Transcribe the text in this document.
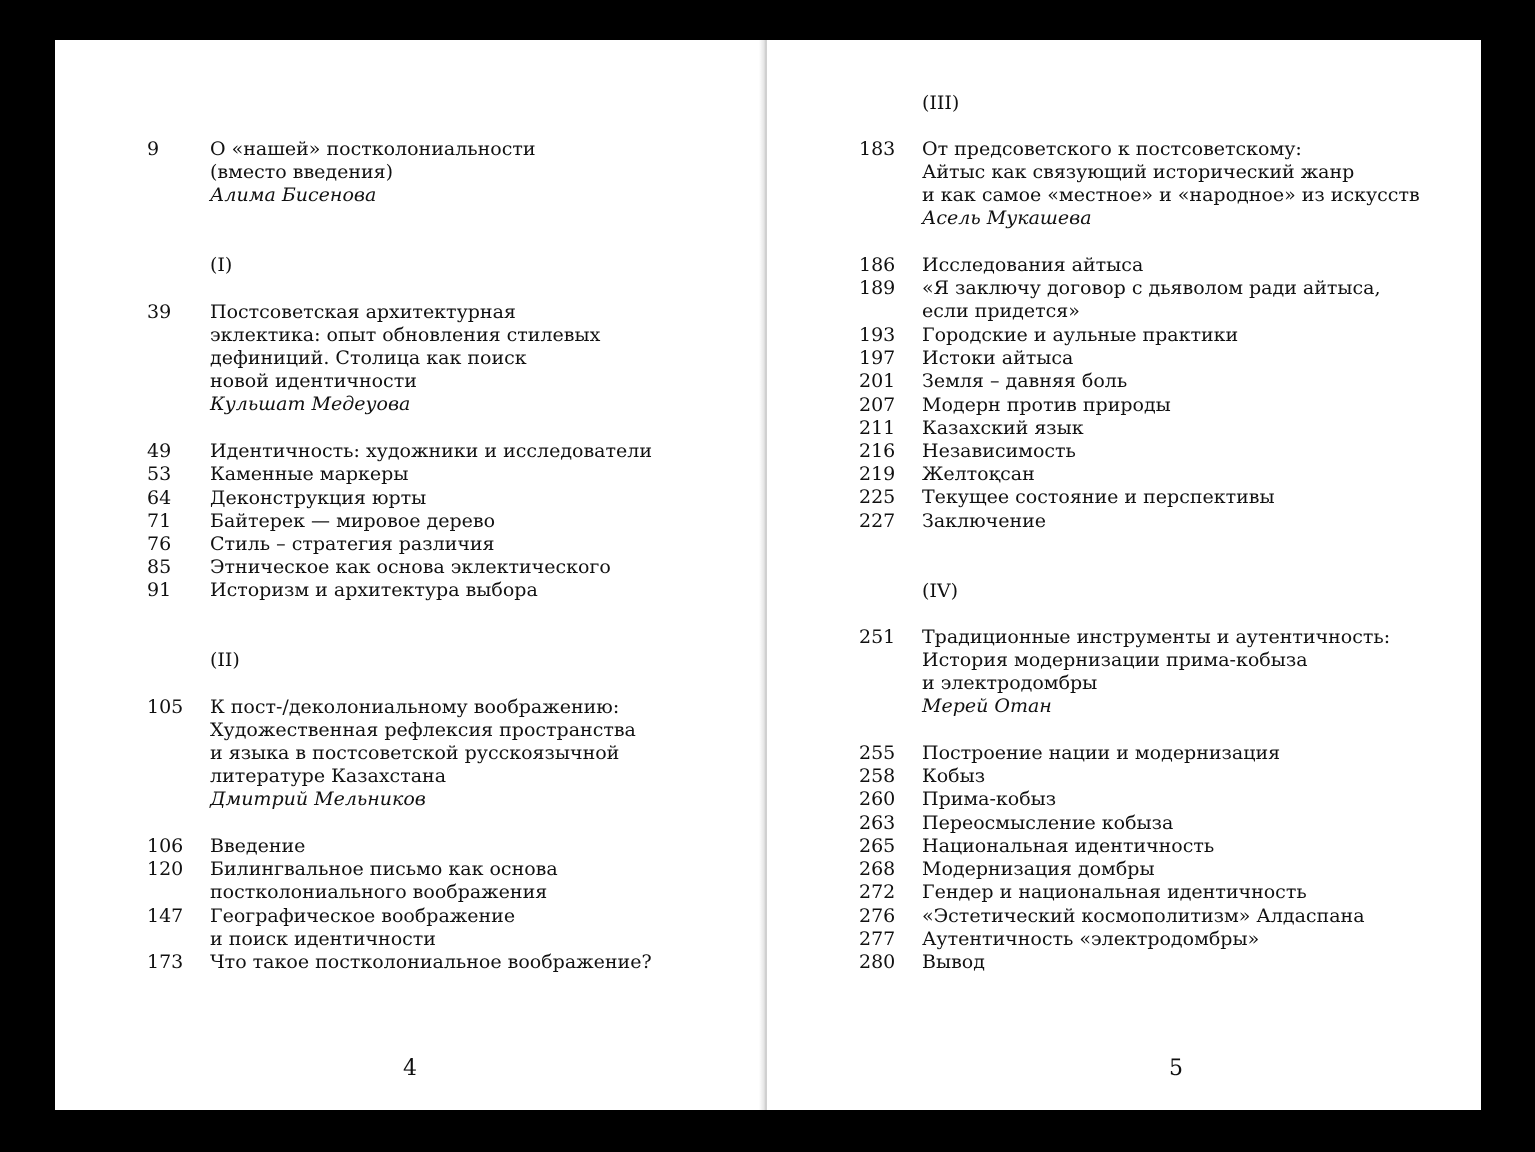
9	О «нашей» постколониальности
(вместо введения)
Алима Бисенова
(I)
39	Постсоветская архитектурная
эклектика: опыт обновления стилевых
дефиниций. Столица как поиск
новой идентичности
Кульшат Медеуова
49	Идентичность: художники и исследователи
53	Каменные маркеры
64	Деконструкция юрты
71	Байтерек — мировое дерево
76	Стиль – стратегия различия
85	Этническое как основа эклектического
91	Историзм и архитектура выбора
(II)
105	К пост-/деколониальному воображению:
Художественная рефлексия пространства
и языка в постсоветской русскоязычной
литературе Казахстана
Дмитрий Мельников
106	Введение
120	Билингвальное письмо как основа
постколониального воображения
147	Географическое воображение
и поиск идентичности
173	Что такое постколониальное воображение?
4
(III)
183	От предсоветского к постсоветскому:
Айтыс как связующий исторический жанр
и как самое «местное» и «народное» из искусств
Асель Мукашева
186	Исследования айтыса
189	«Я заключу договор с дьяволом ради айтыса,
если придется»
193	Городские и аульные практики
197	Истоки айтыса
201	Земля – давняя боль
207	Модерн против природы
211	Казахский язык
216	Независимость
219	Желтоқсан
225	Текущее состояние и перспективы
227	Заключение
(IV)
251	Традиционные инструменты и аутентичность:
История модернизации прима-кобыза
и электродомбры
Мерей Отан
255	Построение нации и модернизация
258	Кобыз
260	Прима-кобыз
263	Переосмысление кобыза
265	Национальная идентичность
268	Модернизация домбры
272	Гендер и национальная идентичность
276	«Эстетический космополитизм» Алдаспана
277	Аутентичность «электродомбры»
280	Вывод
5
